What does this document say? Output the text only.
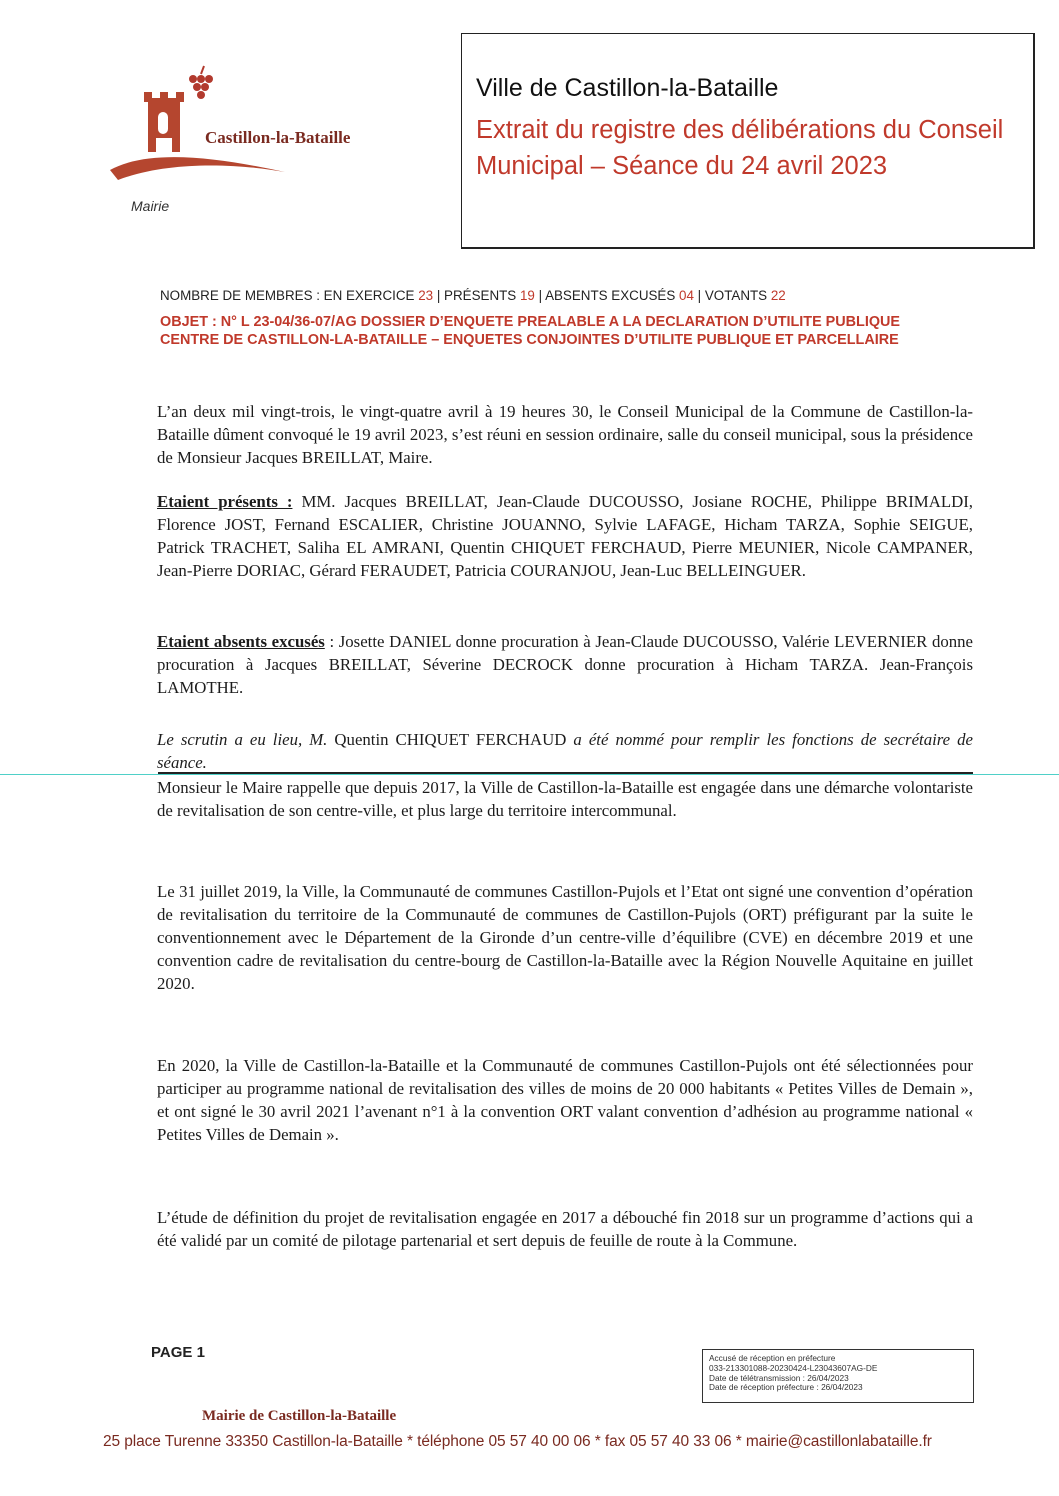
Castillon-la-Bataille
Mairie
Ville de Castillon-la-Bataille
Extrait du registre des délibérations du Conseil Municipal – Séance du 24 avril 2023
NOMBRE DE MEMBRES : EN EXERCICE 23 | PRÉSENTS 19 | ABSENTS EXCUSÉS 04 | VOTANTS 22
OBJET : N° L 23-04/36-07/AG DOSSIER D’ENQUETE PREALABLE A LA DECLARATION D’UTILITE PUBLIQUE CENTRE DE CASTILLON-LA-BATAILLE – ENQUETES CONJOINTES D’UTILITE PUBLIQUE ET PARCELLAIRE
L’an deux mil vingt-trois, le vingt-quatre avril à 19 heures 30, le Conseil Municipal de la Commune de Castillon-la-Bataille dûment convoqué le 19 avril 2023, s’est réuni en session ordinaire, salle du conseil municipal, sous la présidence de Monsieur Jacques BREILLAT, Maire.
Etaient présents : MM. Jacques BREILLAT, Jean-Claude DUCOUSSO, Josiane ROCHE, Philippe BRIMALDI, Florence JOST, Fernand ESCALIER, Christine JOUANNO, Sylvie LAFAGE, Hicham TARZA, Sophie SEIGUE, Patrick TRACHET, Saliha EL AMRANI, Quentin CHIQUET FERCHAUD, Pierre MEUNIER, Nicole CAMPANER, Jean-Pierre DORIAC, Gérard FERAUDET, Patricia COURANJOU, Jean-Luc BELLEINGUER.
Etaient absents excusés : Josette DANIEL donne procuration à Jean-Claude DUCOUSSO, Valérie LEVERNIER donne procuration à Jacques BREILLAT, Séverine DECROCK donne procuration à Hicham TARZA. Jean-François LAMOTHE.
Le scrutin a eu lieu, M. Quentin CHIQUET FERCHAUD a été nommé pour remplir les fonctions de secrétaire de séance.
Monsieur le Maire rappelle que depuis 2017, la Ville de Castillon-la-Bataille est engagée dans une démarche volontariste de revitalisation de son centre-ville, et plus large du territoire intercommunal.
Le 31 juillet 2019, la Ville, la Communauté de communes Castillon-Pujols et l’Etat ont signé une convention d’opération de revitalisation du territoire de la Communauté de communes de Castillon-Pujols (ORT) préfigurant par la suite le conventionnement avec le Département de la Gironde d’un centre-ville d’équilibre (CVE) en décembre 2019 et une convention cadre de revitalisation du centre-bourg de Castillon-la-Bataille avec la Région Nouvelle Aquitaine en juillet 2020.
En 2020, la Ville de Castillon-la-Bataille et la Communauté de communes Castillon-Pujols ont été sélectionnées pour participer au programme national de revitalisation des villes de moins de 20 000 habitants « Petites Villes de Demain », et ont signé le 30 avril 2021 l’avenant n°1 à la convention ORT valant convention d’adhésion au programme national « Petites Villes de Demain ».
L’étude de définition du projet de revitalisation engagée en 2017 a débouché fin 2018 sur un programme d’actions qui a été validé par un comité de pilotage partenarial et sert depuis de feuille de route à la Commune.
PAGE 1	Accusé de réception en préfecture
033-213301088-20230424-L23043607AG-DE
Date de télétransmission : 26/04/2023
Date de réception préfecture : 26/04/2023
Mairie de Castillon-la-Bataille
25 place Turenne 33350 Castillon-la-Bataille * téléphone 05 57 40 00 06 * fax 05 57 40 33 06 * mairie@castillonlabataille.fr
